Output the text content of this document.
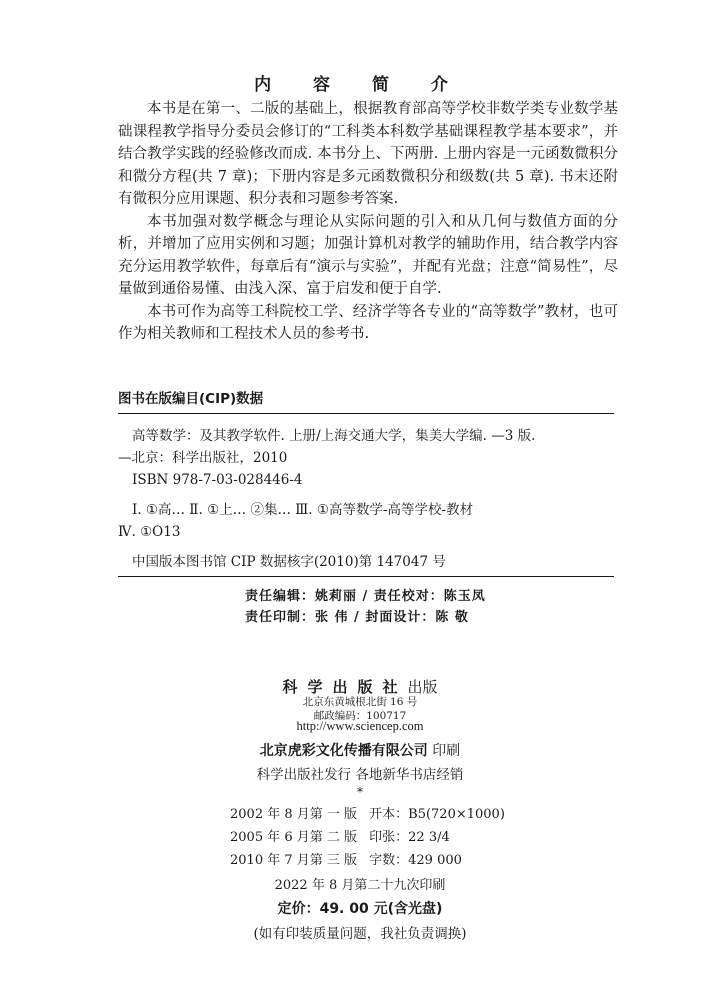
内 容 简 介

本书是在第一、二版的基础上，根据教育部高等学校非数学类专业数学基础课程教学指导分委员会修订的“工科类本科数学基础课程教学基本要求”，并结合教学实践的经验修改而成. 本书分上、下两册. 上册内容是一元函数微积分和微分方程(共 7 章)；下册内容是多元函数微积分和级数(共 5 章). 书末还附有微积分应用课题、积分表和习题参考答案.

本书加强对数学概念与理论从实际问题的引入和从几何与数值方面的分析，并增加了应用实例和习题；加强计算机对教学的辅助作用，结合教学内容充分运用教学软件，每章后有“演示与实验”，并配有光盘；注意“简易性”，尽量做到通俗易懂、由浅入深、富于启发和便于自学.

本书可作为高等工科院校工学、经济学等各专业的“高等数学”教材，也可作为相关教师和工程技术人员的参考书.

图书在版编目(CIP)数据
高等数学：及其教学软件. 上册/上海交通大学，集美大学编. —3 版.
—北京：科学出版社，2010
ISBN 978-7-03-028446-4
Ⅰ. ①高… Ⅱ. ①上… ②集… Ⅲ. ①高等数学-高等学校-教材
Ⅳ. ①O13
中国版本图书馆 CIP 数据核字(2010)第 147047 号
责任编辑：姚莉丽 / 责任校对：陈玉凤
责任印制：张 伟 / 封面设计：陈 敬
科学出版社出版
北京东黄城根北街 16 号
邮政编码：100717
http://www.sciencep.com
北京虎彩文化传播有限公司 印刷
科学出版社发行 各地新华书店经销
*
2002 年 8 月第 一 版 开本：B5(720×1000)
2005 年 6 月第 二 版 印张：22 3/4
2010 年 7 月第 三 版 字数：429 000
2022 年 8 月第二十九次印刷
定价：49. 00 元(含光盘)
(如有印装质量问题，我社负责调换)
